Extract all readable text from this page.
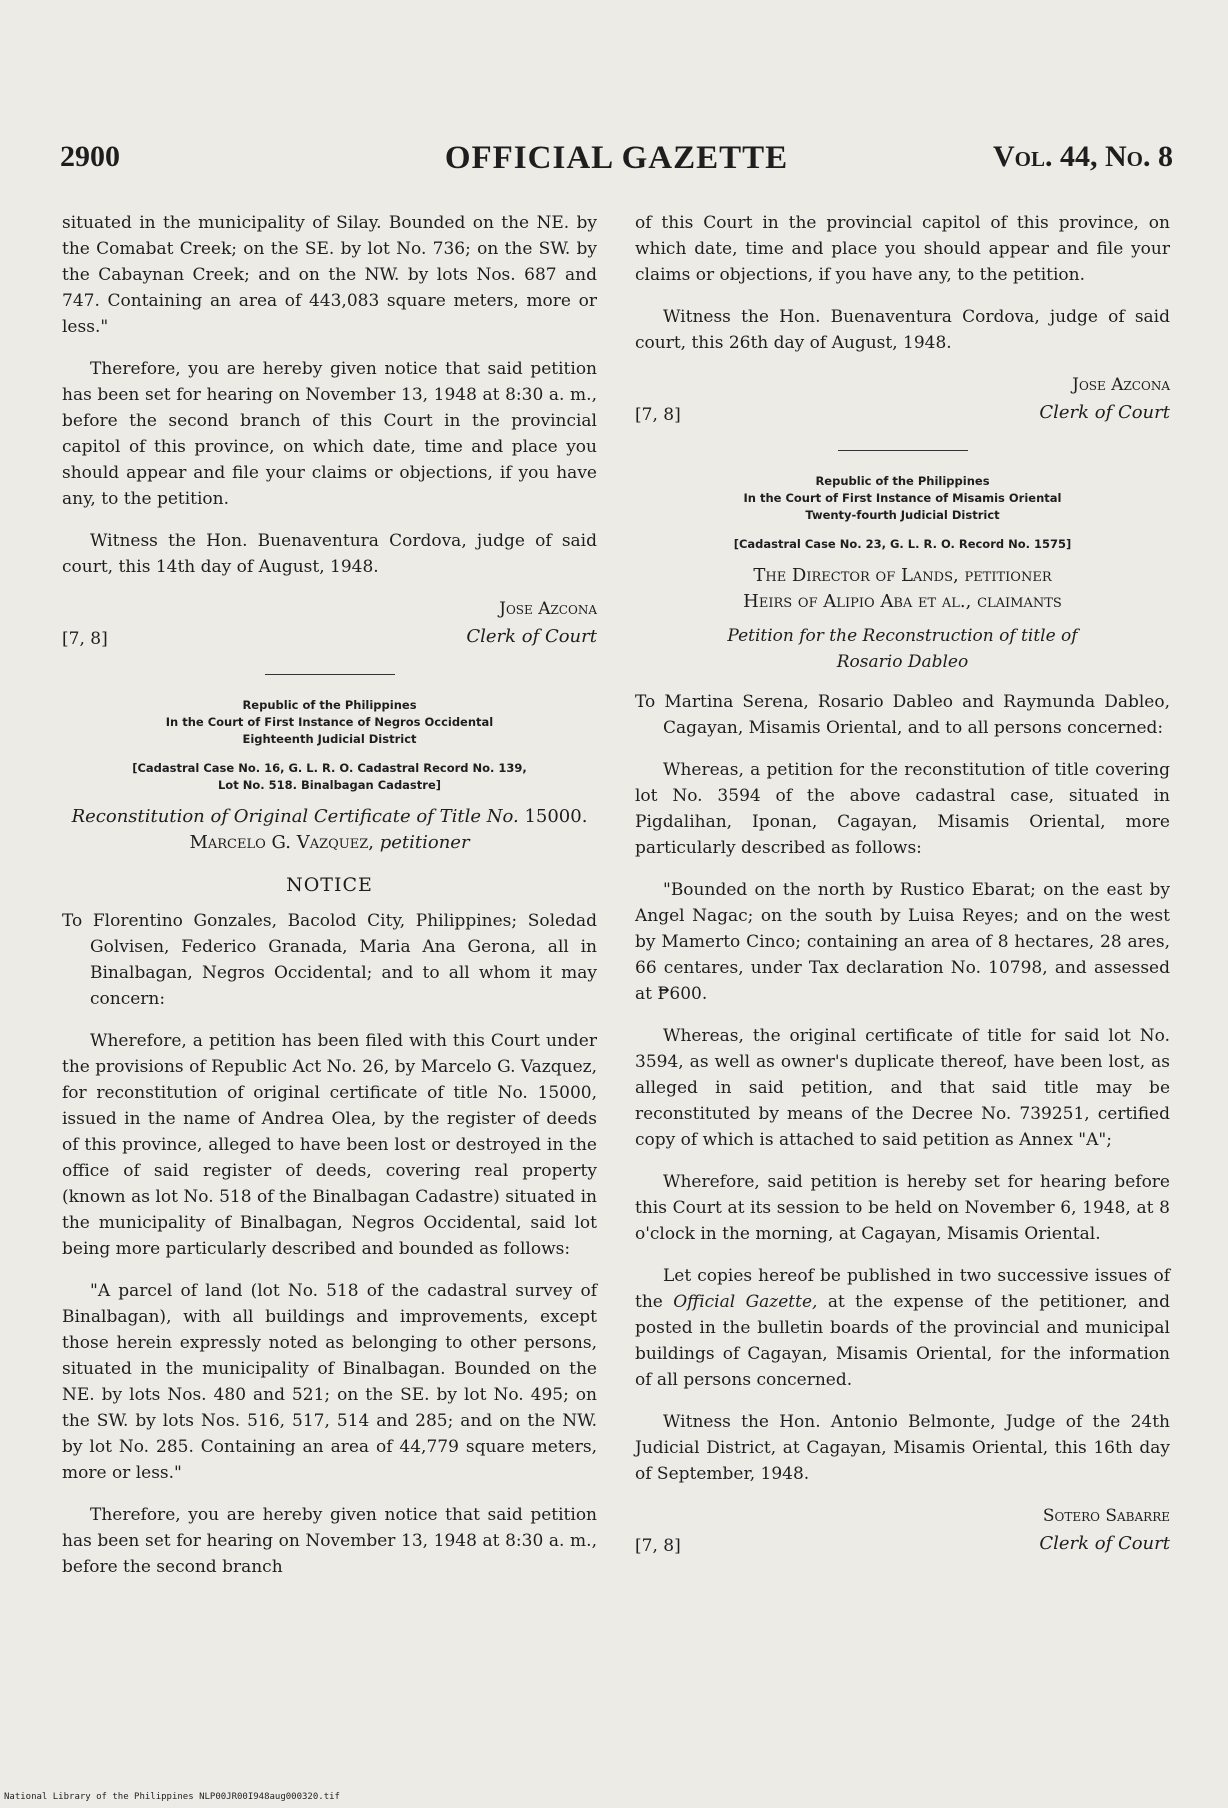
2900	OFFICIAL GAZETTE	Vol. 44, No. 8

situated in the municipality of Silay. Bounded on the NE. by the Comabat Creek; on the SE. by lot No. 736; on the SW. by the Cabaynan Creek; and on the NW. by lots Nos. 687 and 747. Containing an area of 443,083 square meters, more or less."

Therefore, you are hereby given notice that said petition has been set for hearing on November 13, 1948 at 8:30 a. m., before the second branch of this Court in the provincial capitol of this province, on which date, time and place you should appear and file your claims or objections, if you have any, to the petition.

Witness the Hon. Buenaventura Cordova, judge of said court, this 14th day of August, 1948.

[7, 8]
Jose Azcona
Clerk of Court
Republic of the Philippines
In the Court of First Instance of Negros Occidental
Eighteenth Judicial District
[Cadastral Case No. 16, G. L. R. O. Cadastral Record No. 139,
Lot No. 518. Binalbagan Cadastre]

Reconstitution of Original Certificate of Title No. 15000. Marcelo G. Vazquez, petitioner

NOTICE

To Florentino Gonzales, Bacolod City, Philippines; Soledad Golvisen, Federico Granada, Maria Ana Gerona, all in Binalbagan, Negros Occidental; and to all whom it may concern:

Wherefore, a petition has been filed with this Court under the provisions of Republic Act No. 26, by Marcelo G. Vazquez, for reconstitution of original certificate of title No. 15000, issued in the name of Andrea Olea, by the register of deeds of this province, alleged to have been lost or destroyed in the office of said register of deeds, covering real property (known as lot No. 518 of the Binalbagan Cadastre) situated in the municipality of Binalbagan, Negros Occidental, said lot being more particularly described and bounded as follows:

"A parcel of land (lot No. 518 of the cadastral survey of Binalbagan), with all buildings and improvements, except those herein expressly noted as belonging to other persons, situated in the municipality of Binalbagan. Bounded on the NE. by lots Nos. 480 and 521; on the SE. by lot No. 495; on the SW. by lots Nos. 516, 517, 514 and 285; and on the NW. by lot No. 285. Containing an area of 44,779 square meters, more or less."

Therefore, you are hereby given notice that said petition has been set for hearing on November 13, 1948 at 8:30 a. m., before the second branch

of this Court in the provincial capitol of this province, on which date, time and place you should appear and file your claims or objections, if you have any, to the petition.

Witness the Hon. Buenaventura Cordova, judge of said court, this 26th day of August, 1948.

[7, 8]
Jose Azcona
Clerk of Court
Republic of the Philippines
In the Court of First Instance of Misamis Oriental
Twenty-fourth Judicial District
[Cadastral Case No. 23, G. L. R. O. Record No. 1575]
The Director of Lands, petitioner
Heirs of Alipio Aba et al., claimants
Petition for the Reconstruction of title of
Rosario Dableo

To Martina Serena, Rosario Dableo and Raymunda Dableo, Cagayan, Misamis Oriental, and to all persons concerned:

Whereas, a petition for the reconstitution of title covering lot No. 3594 of the above cadastral case, situated in Pigdalihan, Iponan, Cagayan, Misamis Oriental, more particularly described as follows:

"Bounded on the north by Rustico Ebarat; on the east by Angel Nagac; on the south by Luisa Reyes; and on the west by Mamerto Cinco; containing an area of 8 hectares, 28 ares, 66 centares, under Tax declaration No. 10798, and assessed at ₱600.

Whereas, the original certificate of title for said lot No. 3594, as well as owner's duplicate thereof, have been lost, as alleged in said petition, and that said title may be reconstituted by means of the Decree No. 739251, certified copy of which is attached to said petition as Annex "A";

Wherefore, said petition is hereby set for hearing before this Court at its session to be held on November 6, 1948, at 8 o'clock in the morning, at Cagayan, Misamis Oriental.

Let copies hereof be published in two successive issues of the Official Gazette, at the expense of the petitioner, and posted in the bulletin boards of the provincial and municipal buildings of Cagayan, Misamis Oriental, for the information of all persons concerned.

Witness the Hon. Antonio Belmonte, Judge of the 24th Judicial District, at Cagayan, Misamis Oriental, this 16th day of September, 1948.

[7, 8]
Sotero Sabarre
Clerk of Court
National Library of the Philippines NLP00JR00I948aug000320.tif
